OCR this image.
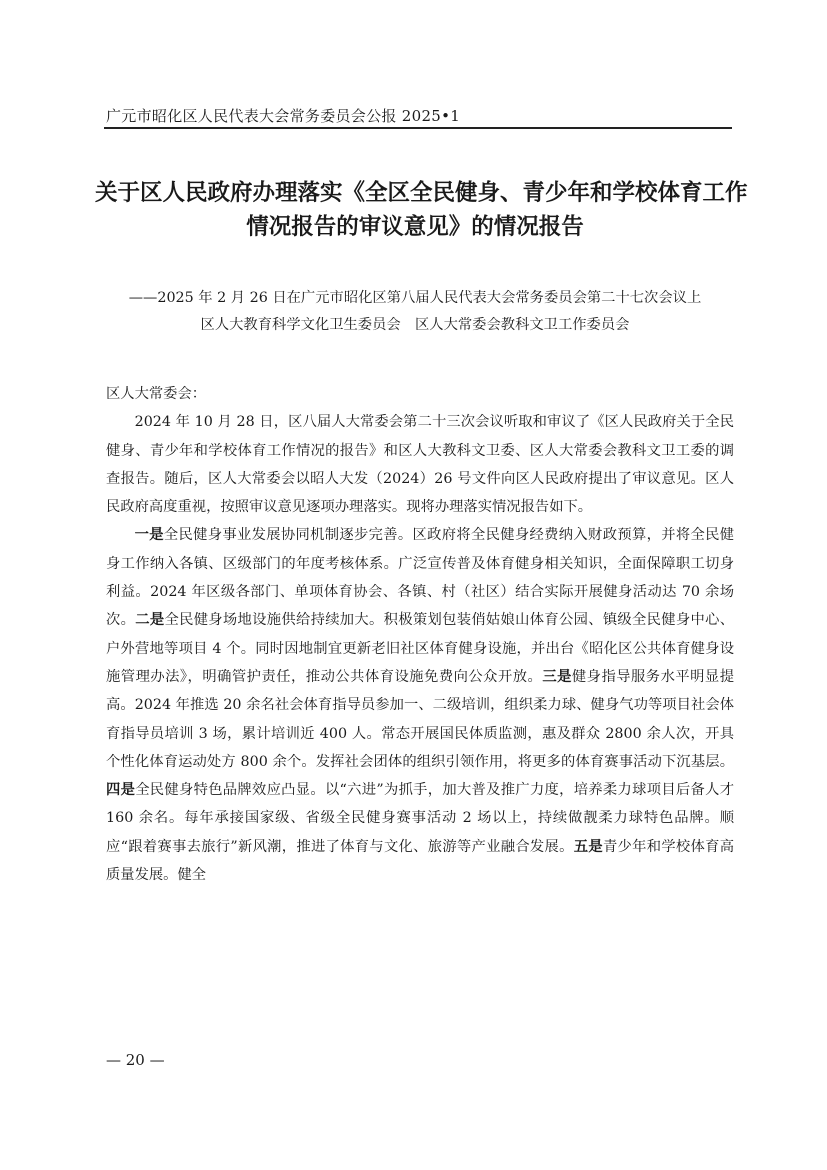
广元市昭化区人民代表大会常务委员会公报 2025•1
关于区人民政府办理落实《全区全民健身、青少年和学校体育工作
情况报告的审议意见》的情况报告
——2025 年 2 月 26 日在广元市昭化区第八届人民代表大会常务委员会第二十七次会议上
区人大教育科学文化卫生委员会　区人大常委会教科文卫工作委员会

区人大常委会：

2024 年 10 月 28 日，区八届人大常委会第二十三次会议听取和审议了《区人民政府关于全民健身、青少年和学校体育工作情况的报告》和区人大教科文卫委、区人大常委会教科文卫工委的调查报告。随后，区人大常委会以昭人大发（2024）26 号文件向区人民政府提出了审议意见。区人民政府高度重视，按照审议意见逐项办理落实。现将办理落实情况报告如下。

一是全民健身事业发展协同机制逐步完善。区政府将全民健身经费纳入财政预算，并将全民健身工作纳入各镇、区级部门的年度考核体系。广泛宣传普及体育健身相关知识，全面保障职工切身利益。2024 年区级各部门、单项体育协会、各镇、村（社区）结合实际开展健身活动达 70 余场次。二是全民健身场地设施供给持续加大。积极策划包装俏姑娘山体育公园、镇级全民健身中心、户外营地等项目 4 个。同时因地制宜更新老旧社区体育健身设施，并出台《昭化区公共体育健身设施管理办法》，明确管护责任，推动公共体育设施免费向公众开放。三是健身指导服务水平明显提高。2024 年推选 20 余名社会体育指导员参加一、二级培训，组织柔力球、健身气功等项目社会体育指导员培训 3 场，累计培训近 400 人。常态开展国民体质监测，惠及群众 2800 余人次，开具个性化体育运动处方 800 余个。发挥社会团体的组织引领作用，将更多的体育赛事活动下沉基层。四是全民健身特色品牌效应凸显。以“六进”为抓手，加大普及推广力度，培养柔力球项目后备人才 160 余名。每年承接国家级、省级全民健身赛事活动 2 场以上，持续做靓柔力球特色品牌。顺应“跟着赛事去旅行”新风潮，推进了体育与文化、旅游等产业融合发展。五是青少年和学校体育高质量发展。健全

— 20 —
